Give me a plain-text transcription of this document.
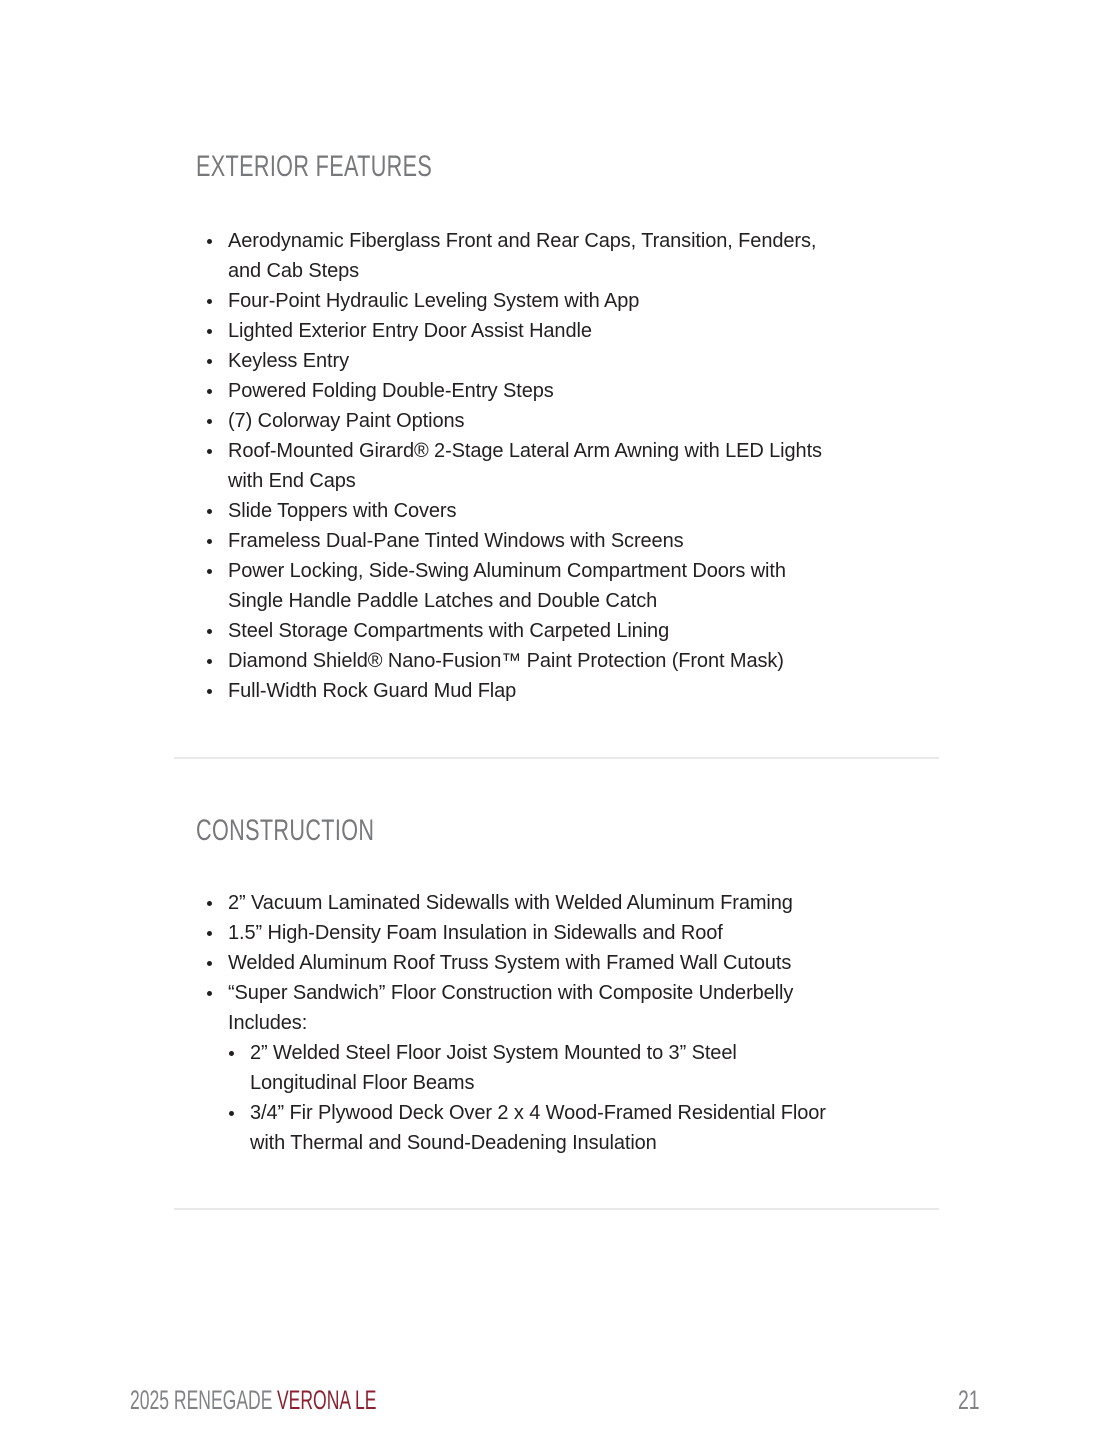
EXTERIOR FEATURES
Aerodynamic Fiberglass Front and Rear Caps, Transition, Fenders, and Cab Steps
Four-Point Hydraulic Leveling System with App
Lighted Exterior Entry Door Assist Handle
Keyless Entry
Powered Folding Double-Entry Steps
(7) Colorway Paint Options
Roof-Mounted Girard® 2-Stage Lateral Arm Awning with LED Lights with End Caps
Slide Toppers with Covers
Frameless Dual-Pane Tinted Windows with Screens
Power Locking, Side-Swing Aluminum Compartment Doors with Single Handle Paddle Latches and Double Catch
Steel Storage Compartments with Carpeted Lining
Diamond Shield® Nano-Fusion™ Paint Protection (Front Mask)
Full-Width Rock Guard Mud Flap
CONSTRUCTION
2” Vacuum Laminated Sidewalls with Welded Aluminum Framing
1.5” High-Density Foam Insulation in Sidewalls and Roof
Welded Aluminum Roof Truss System with Framed Wall Cutouts
“Super Sandwich” Floor Construction with Composite Underbelly Includes:
2” Welded Steel Floor Joist System Mounted to 3” Steel Longitudinal Floor Beams
3/4” Fir Plywood Deck Over 2 x 4 Wood-Framed Residential Floor with Thermal and Sound-Deadening Insulation
2025 RENEGADE VERONA LE	21
